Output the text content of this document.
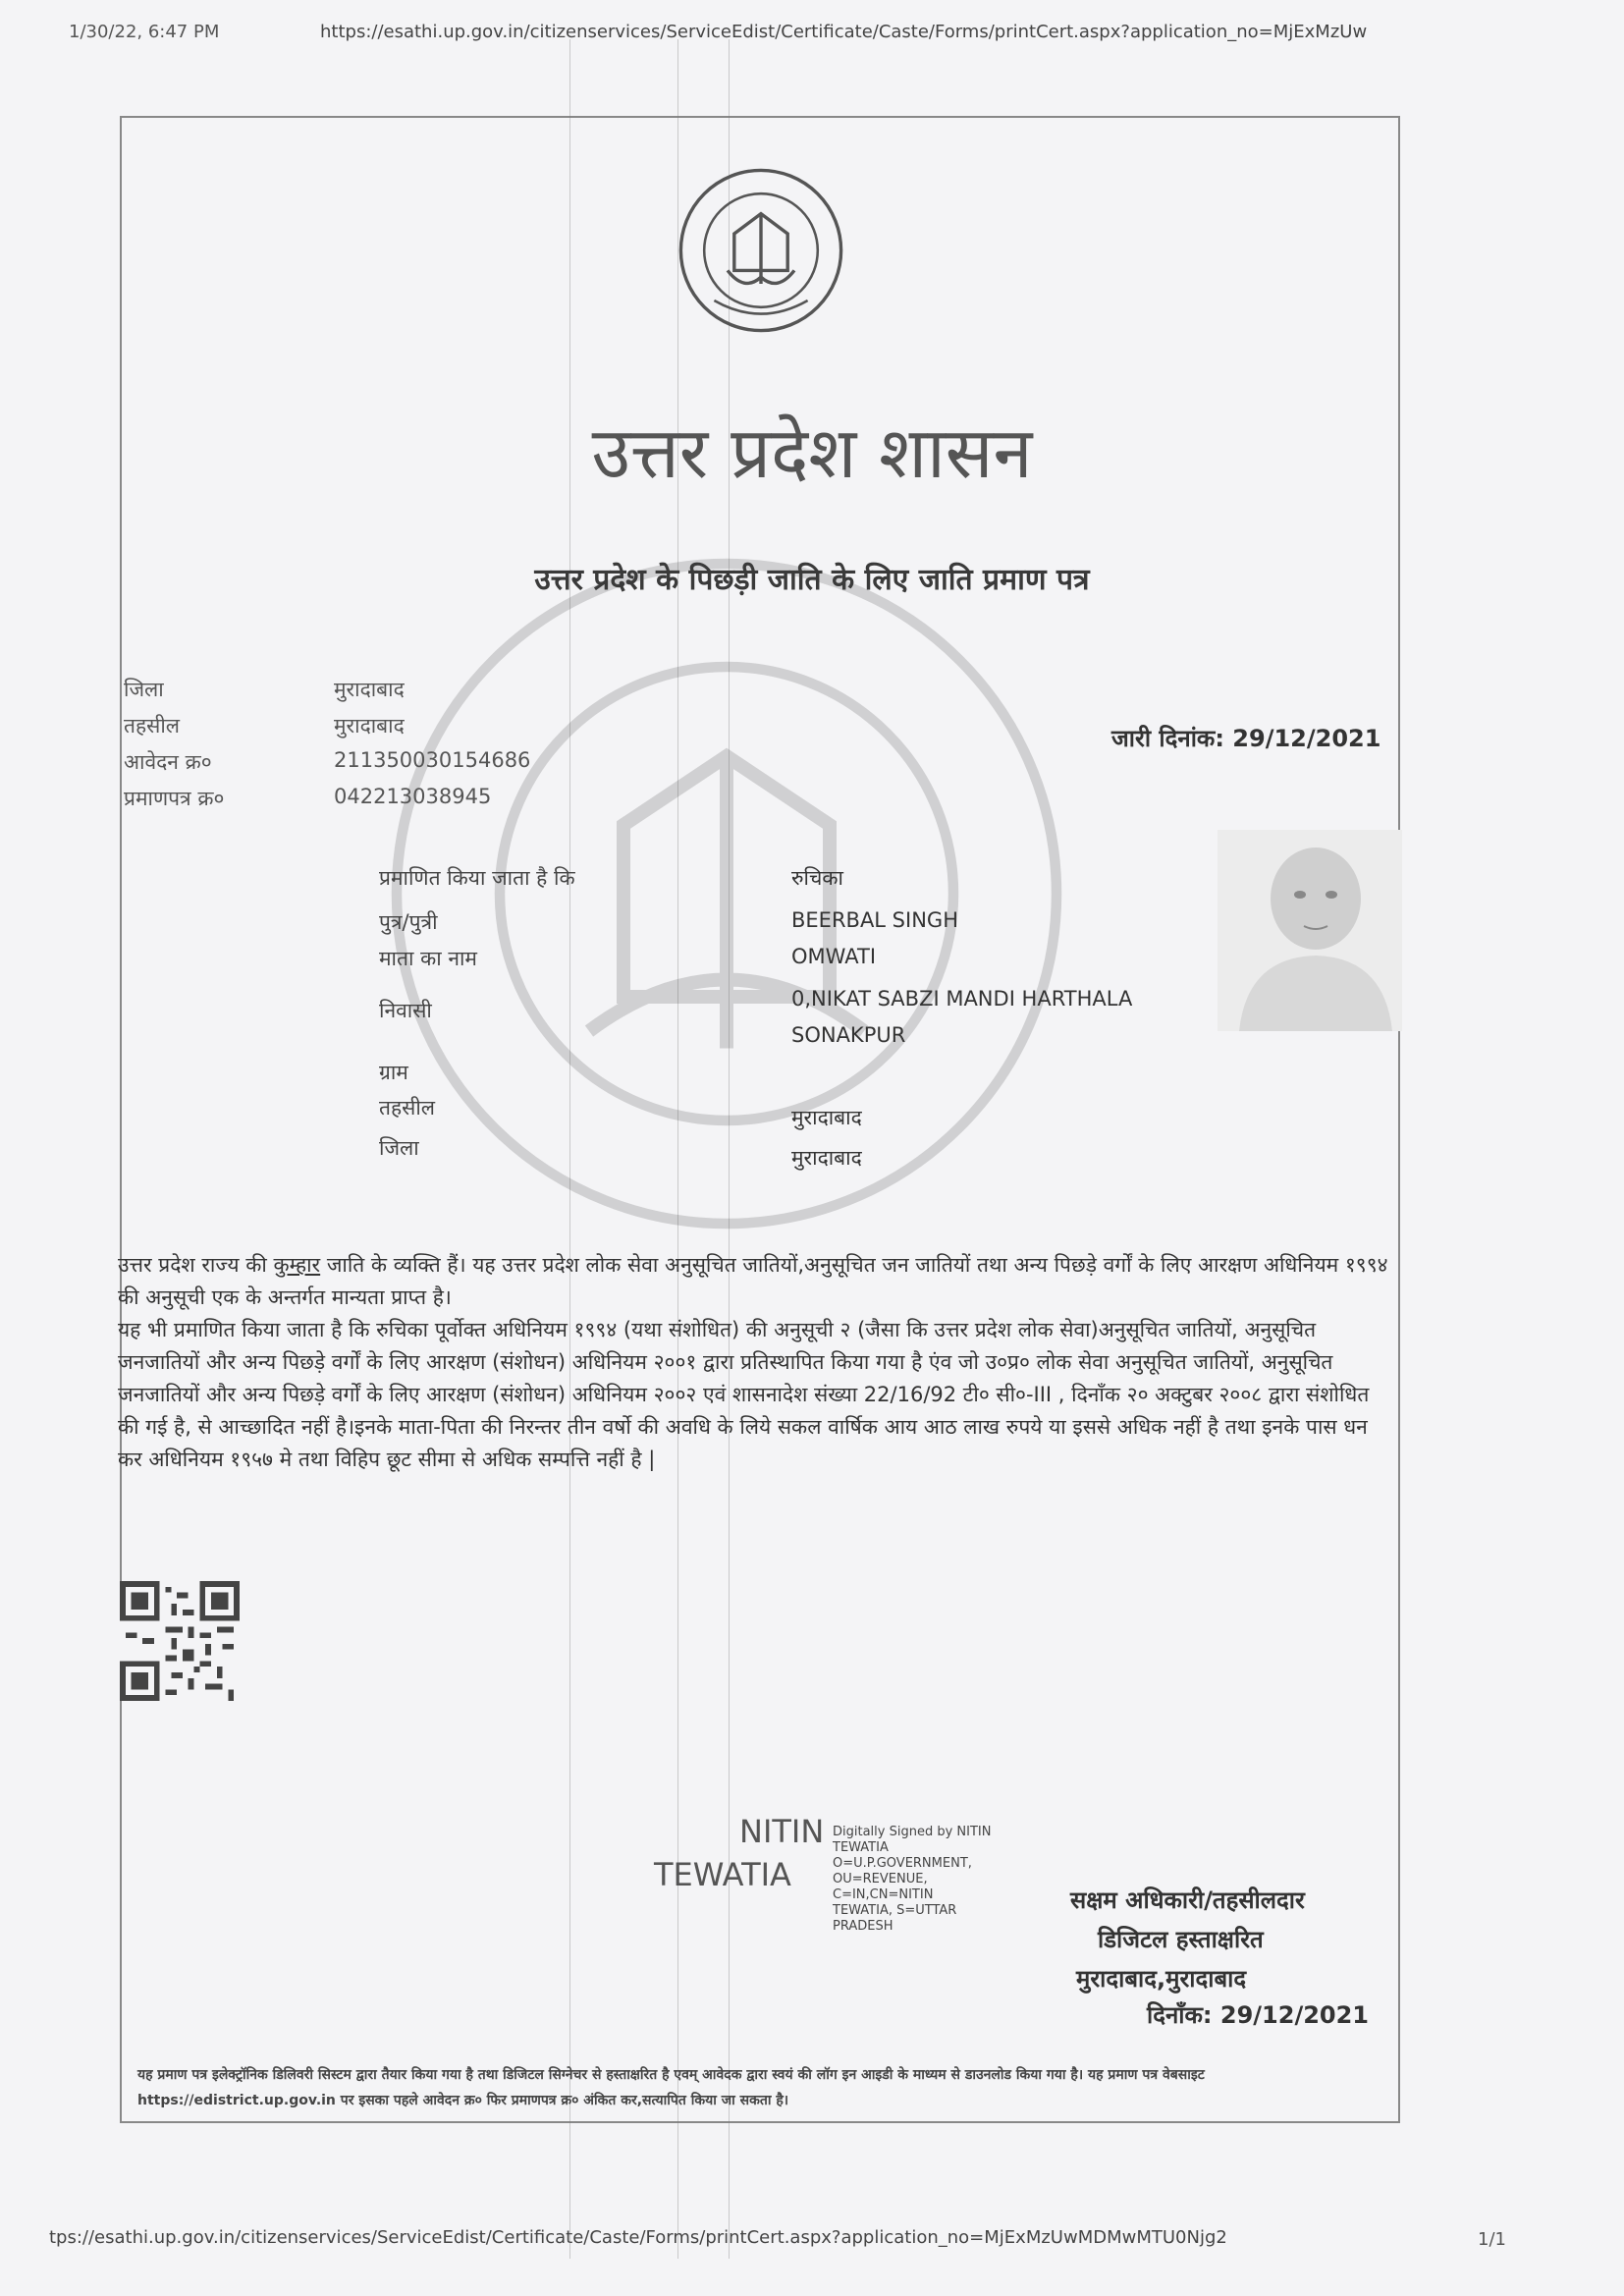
1/30/22, 6:47 PM	https://esathi.up.gov.in/citizenservices/ServiceEdist/Certificate/Caste/Forms/printCert.aspx?application_no=MjExMzUw
tps://esathi.up.gov.in/citizenservices/ServiceEdist/Certificate/Caste/Forms/printCert.aspx?application_no=MjExMzUwMDMwMTU0Njg2	1/1
उत्तर प्रदेश शासन
उत्तर प्रदेश के पिछड़ी जाति के लिए जाति प्रमाण पत्र
जिला	मुरादाबाद
तहसील	मुरादाबाद
आवेदन क्र०	211350030154686
प्रमाणपत्र क्र०	042213038945
जारी दिनांक: 29/12/2021
प्रमाणित किया जाता है कि	रुचिका
पुत्र/पुत्री	BEERBAL SINGH
माता का नाम	OMWATI
निवासी	0,NIKAT SABZI MANDI HARTHALA
SONAKPUR
ग्राम
तहसील	मुरादाबाद
जिला	मुरादाबाद

उत्तर प्रदेश राज्य की कुम्हार जाति के व्यक्ति हैं। यह उत्तर प्रदेश लोक सेवा अनुसूचित जातियों,अनुसूचित जन जातियों तथा अन्य पिछड़े वर्गों के लिए आरक्षण अधिनियम १९९४ की अनुसूची एक के अन्तर्गत मान्यता प्राप्त है।

यह भी प्रमाणित किया जाता है कि रुचिका पूर्वोक्त अधिनियम १९९४ (यथा संशोधित) की अनुसूची २ (जैसा कि उत्तर प्रदेश लोक सेवा)अनुसूचित जातियों, अनुसूचित जनजातियों और अन्य पिछड़े वर्गों के लिए आरक्षण (संशोधन) अधिनियम २००१ द्वारा प्रतिस्थापित किया गया है एंव जो उ०प्र० लोक सेवा अनुसूचित जातियों, अनुसूचित जनजातियों और अन्य पिछड़े वर्गों के लिए आरक्षण (संशोधन) अधिनियम २००२ एवं शासनादेश संख्या 22/16/92 टी० सी०-III , दिनाँक २० अक्टुबर २००८ द्वारा संशोधित की गई है, से आच्छादित नहीं है।इनके माता-पिता की निरन्तर तीन वर्षो की अवधि के लिये सकल वार्षिक आय आठ लाख रुपये या इससे अधिक नहीं है तथा इनके पास धन कर अधिनियम १९५७ मे तथा विहिप छूट सीमा से अधिक सम्पत्ति नहीं है |

NITIN
TEWATIA
Digitally Signed by NITIN
TEWATIA
O=U.P.GOVERNMENT,
OU=REVENUE,
C=IN,CN=NITIN
TEWATIA, S=UTTAR
PRADESH
सक्षम अधिकारी/तहसीलदार
डिजिटल हस्ताक्षरित
मुरादाबाद,मुरादाबाद
दिनाँक: 29/12/2021
यह प्रमाण पत्र इलेक्ट्रॉनिक डिलिवरी सिस्टम द्वारा तैयार किया गया है तथा डिजिटल सिग्नेचर से हस्ताक्षरित है एवम् आवेदक द्वारा स्वयं की लॉग इन आइडी के माध्यम से डाउनलोड किया गया है। यह प्रमाण पत्र वेबसाइट https://edistrict.up.gov.in पर इसका पहले आवेदन क्र० फिर प्रमाणपत्र क्र० अंकित कर,सत्यापित किया जा सकता है।
